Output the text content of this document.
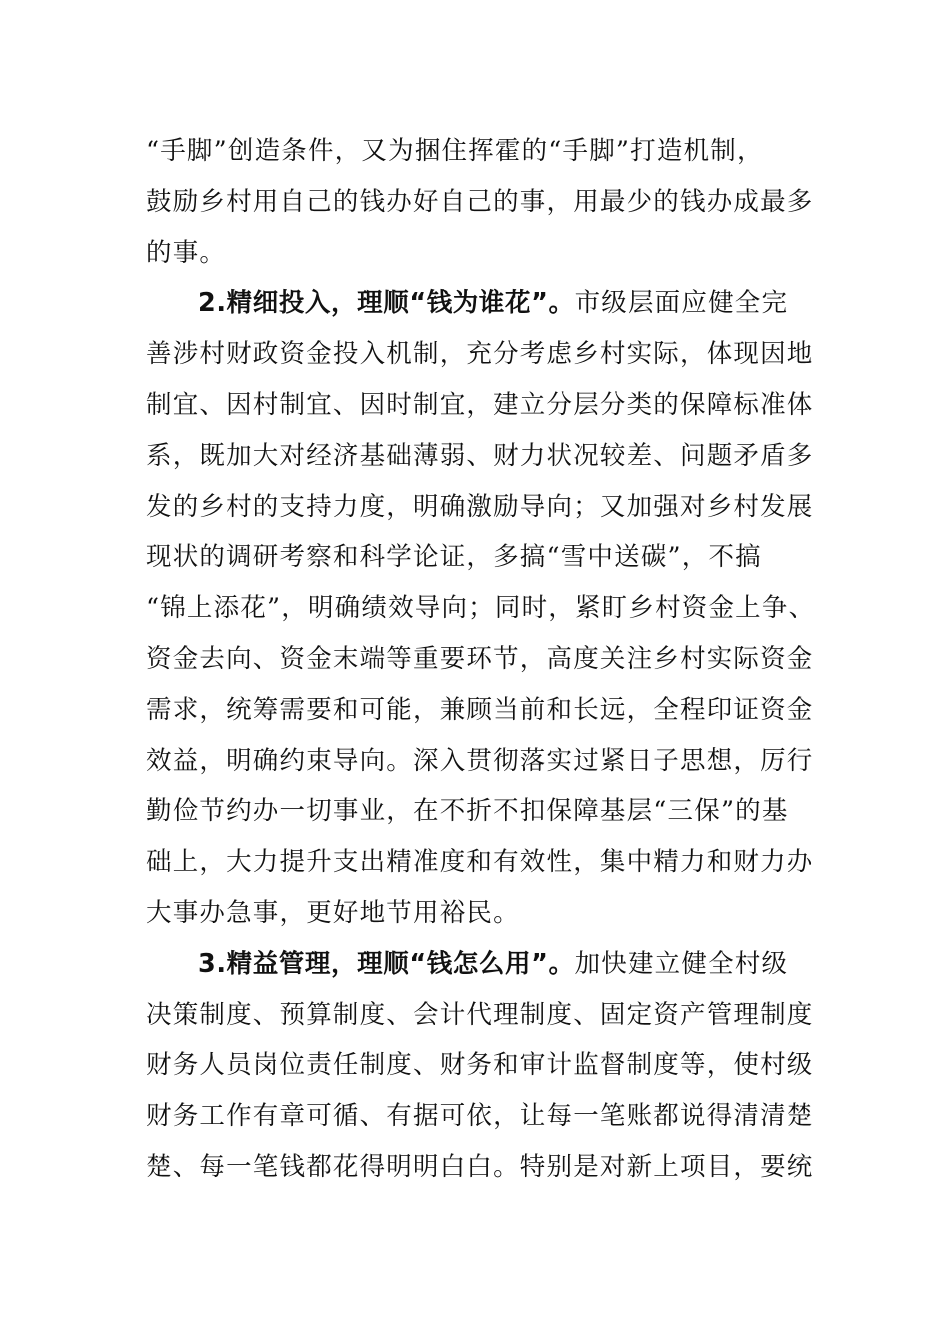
“手脚”创造条件，又为捆住挥霍的“手脚”打造机制，
鼓励乡村用自己的钱办好自己的事，用最少的钱办成最多
的事。
2.精细投入，理顺“钱为谁花”。市级层面应健全完
善涉村财政资金投入机制，充分考虑乡村实际，体现因地
制宜、因村制宜、因时制宜，建立分层分类的保障标准体
系，既加大对经济基础薄弱、财力状况较差、问题矛盾多
发的乡村的支持力度，明确激励导向；又加强对乡村发展
现状的调研考察和科学论证，多搞“雪中送碳”，不搞
“锦上添花”，明确绩效导向；同时，紧盯乡村资金上争、
资金去向、资金末端等重要环节，高度关注乡村实际资金
需求，统筹需要和可能，兼顾当前和长远，全程印证资金
效益，明确约束导向。深入贯彻落实过紧日子思想，厉行
勤俭节约办一切事业，在不折不扣保障基层“三保”的基
础上，大力提升支出精准度和有效性，集中精力和财力办
大事办急事，更好地节用裕民。
3.精益管理，理顺“钱怎么用”。加快建立健全村级
决策制度、预算制度、会计代理制度、固定资产管理制度
财务人员岗位责任制度、财务和审计监督制度等，使村级
财务工作有章可循、有据可依，让每一笔账都说得清清楚
楚、每一笔钱都花得明明白白。特别是对新上项目，要统
